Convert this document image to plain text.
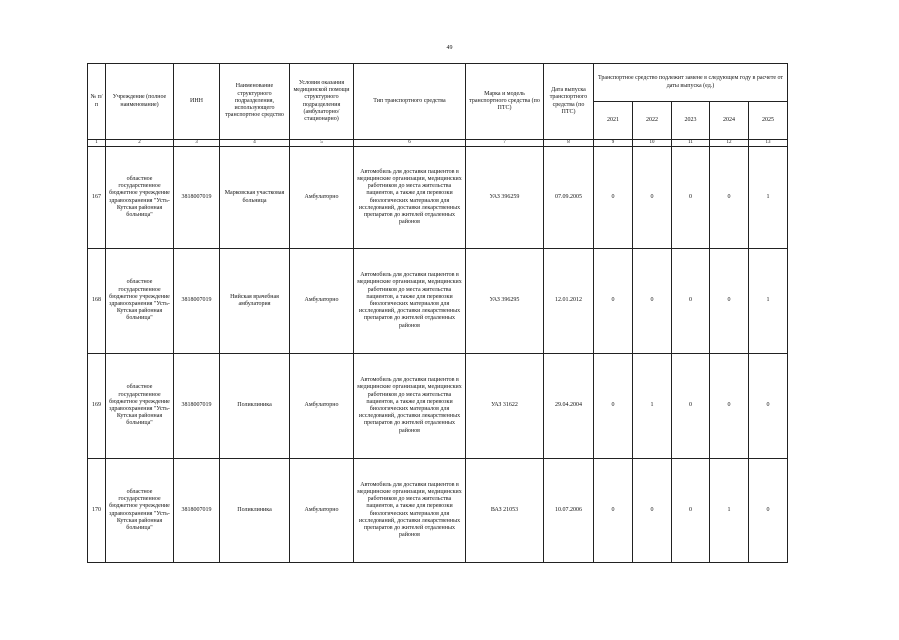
49
№ п/п	Учреждение (полное наименование)	ИНН	Наименование структурного подразделения, использующего транспортное средство	Условия оказания медицинской помощи структурного подразделения (амбулаторно/ стационарно)	Тип транспортного средства	Марка и модель транспортного средства (по ПТС)	Дата выпуска транспортного средства (по ПТС)	Транспортное средство подлежит замене в следующем году в расчете от даты выпуска (ед.)				
								2021	2022	2023	2024	2025
1	2	3	4	5	6	7	8	9	10	11	12	13
167	областное государственное бюджетное учреждение здравоохранения "Усть-Кутская районная больница"	3818007019	Марковская участковая больница	Амбулаторно	Автомобиль для доставки пациентов в медицинские организации, медицинских работников до места жительства пациентов, а также для перевозки биологических материалов для исследований, доставки лекарственных препаратов до жителей отдаленных районов	УАЗ 396259	07.09.2005	0	0	0	0	1
168	областное государственное бюджетное учреждение здравоохранения "Усть-Кутская районная больница"	3818007019	Нийская врачебная амбулатория	Амбулаторно	Автомобиль для доставки пациентов в медицинские организации, медицинских работников до места жительства пациентов, а также для перевозки биологических материалов для исследований, доставки лекарственных препаратов до жителей отдаленных районов	УАЗ 396295	12.01.2012	0	0	0	0	1
169	областное государственное бюджетное учреждение здравоохранения "Усть-Кутская районная больница"	3818007019	Поликлиника	Амбулаторно	Автомобиль для доставки пациентов в медицинские организации, медицинских работников до места жительства пациентов, а также для перевозки биологических материалов для исследований, доставки лекарственных препаратов до жителей отдаленных районов	УАЗ 31622	29.04.2004	0	1	0	0	0
170	областное государственное бюджетное учреждение здравоохранения "Усть-Кутская районная больница"	3818007019	Поликлиника	Амбулаторно	Автомобиль для доставки пациентов в медицинские организации, медицинских работников до места жительства пациентов, а также для перевозки биологических материалов для исследований, доставки лекарственных препаратов до жителей отдаленных районов	ВАЗ 21053	10.07.2006	0	0	0	1	0
